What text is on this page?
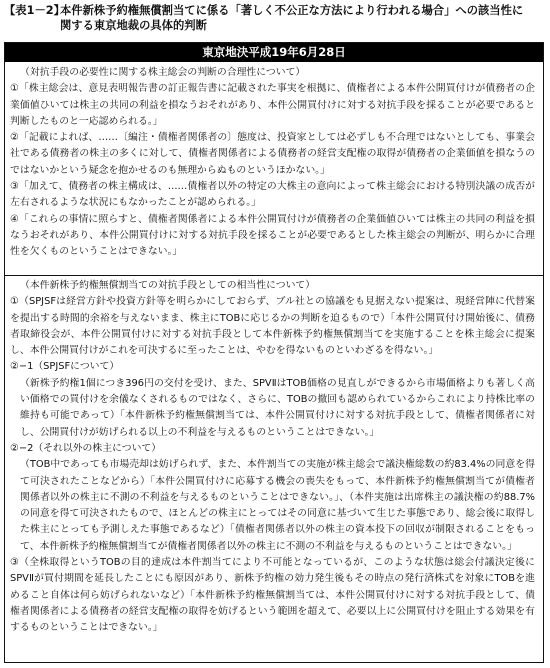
【表1－2】本件新株予約権無償割当てに係る「著しく不公正な方法により行われる場合」への該当性に
関する東京地裁の具体的判断
東京地決平成19年6月28日

（対抗手段の必要性に関する株主総会の判断の合理性について）

①「株主総会は、意見表明報告書の訂正報告書に記載された事実を根拠に、債権者による本件公開買付けが債務者の企業価値ひいては株主の共同の利益を損なうおそれがあり、本件公開買付けに対する対抗手段を採ることが必要であると判断したものと一応認められる。」

②「記載によれば、……〔編注・債権者関係者の〕態度は、投資家としては必ずしも不合理ではないとしても、事業会社である債務者の株主の多くに対して、債権者関係者による債務者の経営支配権の取得が債務者の企業価値を損なうのではないかという疑念を抱かせるのも無理からぬものというほかない。」

③「加えて、債務者の株主構成は、……債権者以外の特定の大株主の意向によって株主総会における特別決議の成否が左右されるような状況にもなかったことが認められる。」

④「これらの事情に照らすと、債権者関係者による本件公開買付けが債務者の企業価値ひいては株主の共同の利益を損なうおそれがあり、本件公開買付けに対する対抗手段を採ることが必要であるとした株主総会の判断が、明らかに合理性を欠くものということはできない。」

（本件新株予約権無償割当ての対抗手段としての相当性について）

①（SPJSFは経営方針や投資方針等を明らかにしておらず、ブル社との協議をも見据えない提案は、現経営陣に代替案を提出する時間的余裕を与えないまま、株主にTOBに応じるかの判断を迫るもので）「本件公開買付け開始後に、債務者取締役会が、本件公開買付けに対する対抗手段として本件新株予約権無償割当てを実施することを株主総会に提案し、本件公開買付けがこれを可決するに至ったことは、やむを得ないものといわざるを得ない。」

②−1（SPJSFについて）

（新株予約権1個につき396円の交付を受け、また、SPVⅡはTOB価格の見直しができるから市場価格よりも著しく高い価格での買付けを余儀なくされるものではなく、さらに、TOBの撤回も認められているからこれにより持株比率の維持も可能であって）「本件新株予約権無償割当ては、本件公開買付けに対する対抗手段として、債権者関係者に対し、公開買付けが妨げられる以上の不利益を与えるものということはできない。」

②−2（それ以外の株主について）

（TOB中であっても市場売却は妨げられず、また、本件割当ての実施が株主総会で議決権総数の約83.4%の同意を得て可決されたことなどから）「本件公開買付けに応募する機会の喪失をもって、本件新株予約権無償割当てが債権者関係者以外の株主に不測の不利益を与えるものということはできない。」、（本件実施は出席株主の議決権の約88.7%の同意を得て可決されたもので、ほとんどの株主にとってはその同意に基づいて生じた事態であり、総会後に取得した株主にとっても予測しえた事態であるなど）「債権者関係者以外の株主の資本投下の回収が制限されることをもって、本件新株予約権無償割当てが債権者関係者以外の株主に不測の不利益を与えるものということはできない。」

③（全株取得というTOBの目的達成は本件割当てにより不可能となっているが、このような状態は総会付議決定後にSPVⅡが買付期間を延長したことにも原因があり、新株予約権の効力発生後もその時点の発行済株式を対象にTOBを進めること自体は何ら妨げられないなど）「本件新株予約権無償割当ては、本件公開買付けに対する対抗手段として、債権者関係者による債務者の経営支配権の取得を妨げるという範囲を超えて、必要以上に公開買付けを阻止する効果を有するものということはできない。」
